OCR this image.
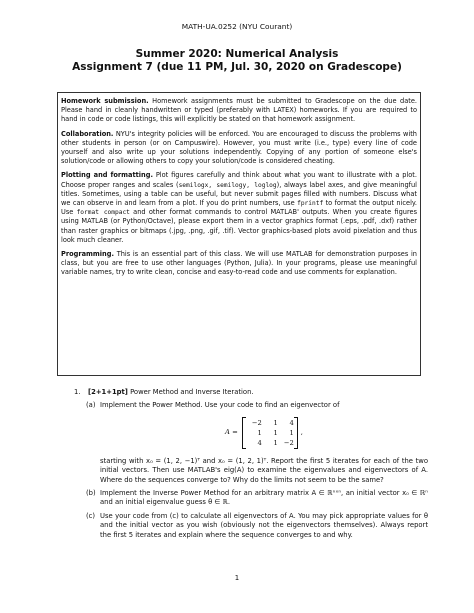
MATH-UA.0252 (NYU Courant)
Summer 2020: Numerical Analysis
Assignment 7 (due 11 PM, Jul. 30, 2020 on Gradescope)

Homework submission. Homework assignments must be submitted to Gradescope on the due date. Please hand in cleanly handwritten or typed (preferably with LATEX) homeworks. If you are required to hand in code or code listings, this will explicitly be stated on that homework assignment.

Collaboration. NYU's integrity policies will be enforced. You are encouraged to discuss the problems with other students in person (or on Campuswire). However, you must write (i.e., type) every line of code yourself and also write up your solutions independently. Copying of any portion of someone else's solution/code or allowing others to copy your solution/code is considered cheating.

Plotting and formatting. Plot figures carefully and think about what you want to illustrate with a plot. Choose proper ranges and scales (semilogx, semilogy, loglog), always label axes, and give meaningful titles. Sometimes, using a table can be useful, but never submit pages filled with numbers. Discuss what we can observe in and learn from a plot. If you do print numbers, use fprintf to format the output nicely. Use format compact and other format commands to control MATLAB' outputs. When you create figures using MATLAB (or Python/Octave), please export them in a vector graphics format (.eps, .pdf, .dxf) rather than raster graphics or bitmaps (.jpg, .png, .gif, .tif). Vector graphics-based plots avoid pixelation and thus look much cleaner.

Programming. This is an essential part of this class. We will use MATLAB for demonstration purposes in class, but you are free to use other languages (Python, Julia). In your programs, please use meaningful variable names, try to write clean, concise and easy-to-read code and use comments for explanation.

1. [2+1+1pt] Power Method and Inverse Iteration.
(a) Implement the Power Method. Use your code to find an eigenvector of
A =
−2	1	4
1	1	1
4	1 −2
,
starting with x₀ = (1, 2, −1)ᵀ and x₀ = (1, 2, 1)ᵀ. Report the first 5 iterates for each of the two initial vectors. Then use MATLAB's eig(A) to examine the eigenvalues and eigenvectors of A. Where do the sequences converge to? Why do the limits not seem to be the same?
(b) Implement the Inverse Power Method for an arbitrary matrix A ∈ ℝⁿˣⁿ, an initial vector x₀ ∈ ℝⁿ and an initial eigenvalue guess θ ∈ ℝ.
(c) Use your code from (c) to calculate all eigenvectors of A. You may pick appropriate values for θ and the initial vector as you wish (obviously not the eigenvectors themselves). Always report the first 5 iterates and explain where the sequence converges to and why.
1
